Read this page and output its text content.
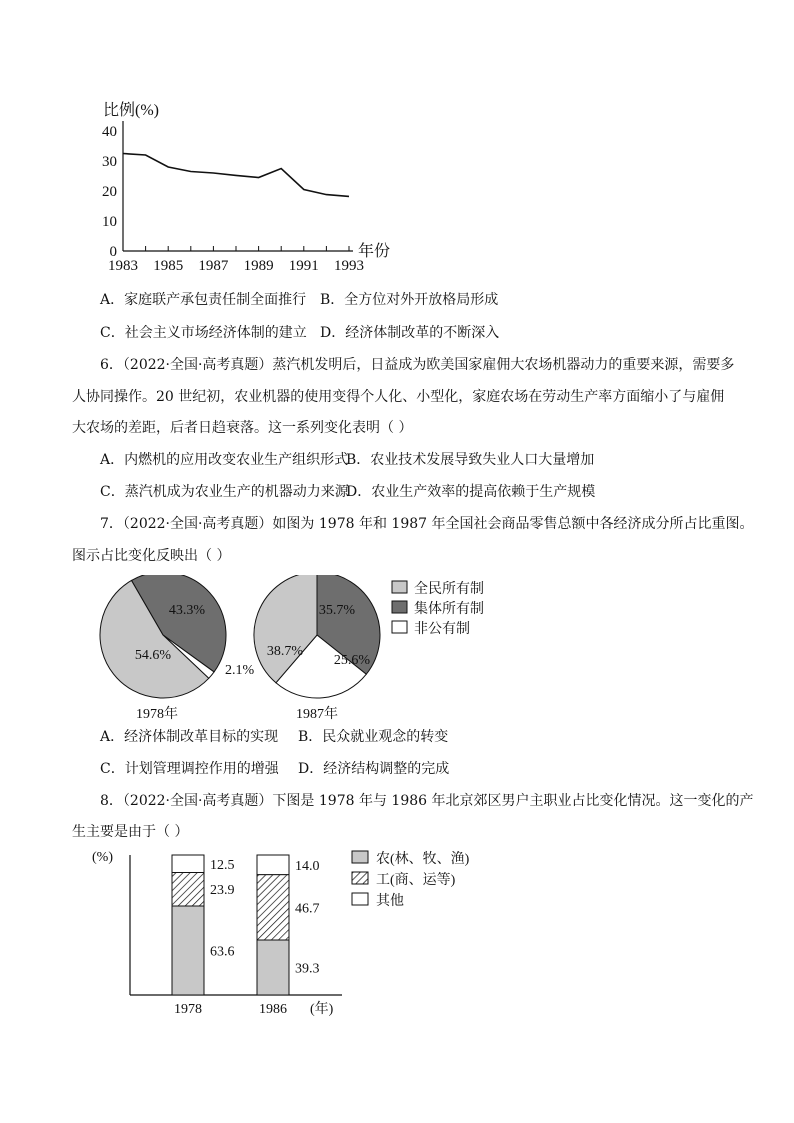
比例(%)
年份
0
10
20
30
40
1983 1985 1987 1989 1991 1993
A．家庭联产承包责任制全面推行 B．全方位对外开放格局形成
C．社会主义市场经济体制的建立 D．经济体制改革的不断深入
6．（2022·全国·高考真题）蒸汽机发明后，日益成为欧美国家雇佣大农场机器动力的重要来源，需要多
人协同操作。20 世纪初，农业机器的使用变得个人化、小型化，家庭农场在劳动生产率方面缩小了与雇佣
大农场的差距，后者日趋衰落。这一系列变化表明（ ）
A．内燃机的应用改变农业生产组织形式
B．农业技术发展导致失业人口大量增加
C．蒸汽机成为农业生产的机器动力来源
D．农业生产效率的提高依赖于生产规模
7．（2022·全国·高考真题）如图为 1978 年和 1987 年全国社会商品零售总额中各经济成分所占比重图。
图示占比变化反映出（ ）
54.6%
43.3%
2.1%
1978年
38.7%
35.7%
25.6%
1987年
全民所有制
集体所有制
非公有制
A．经济体制改革目标的实现 B．民众就业观念的转变
C．计划管理调控作用的增强 D．经济结构调整的完成
8．（2022·全国·高考真题）下图是 1978 年与 1986 年北京郊区男户主职业占比变化情况。这一变化的产
生主要是由于（ ）
(%)
(年)
63.6
23.9
12.5
1978
39.3
46.7
14.0
1986
农(林、牧、渔)
工(商、运等)
其他
